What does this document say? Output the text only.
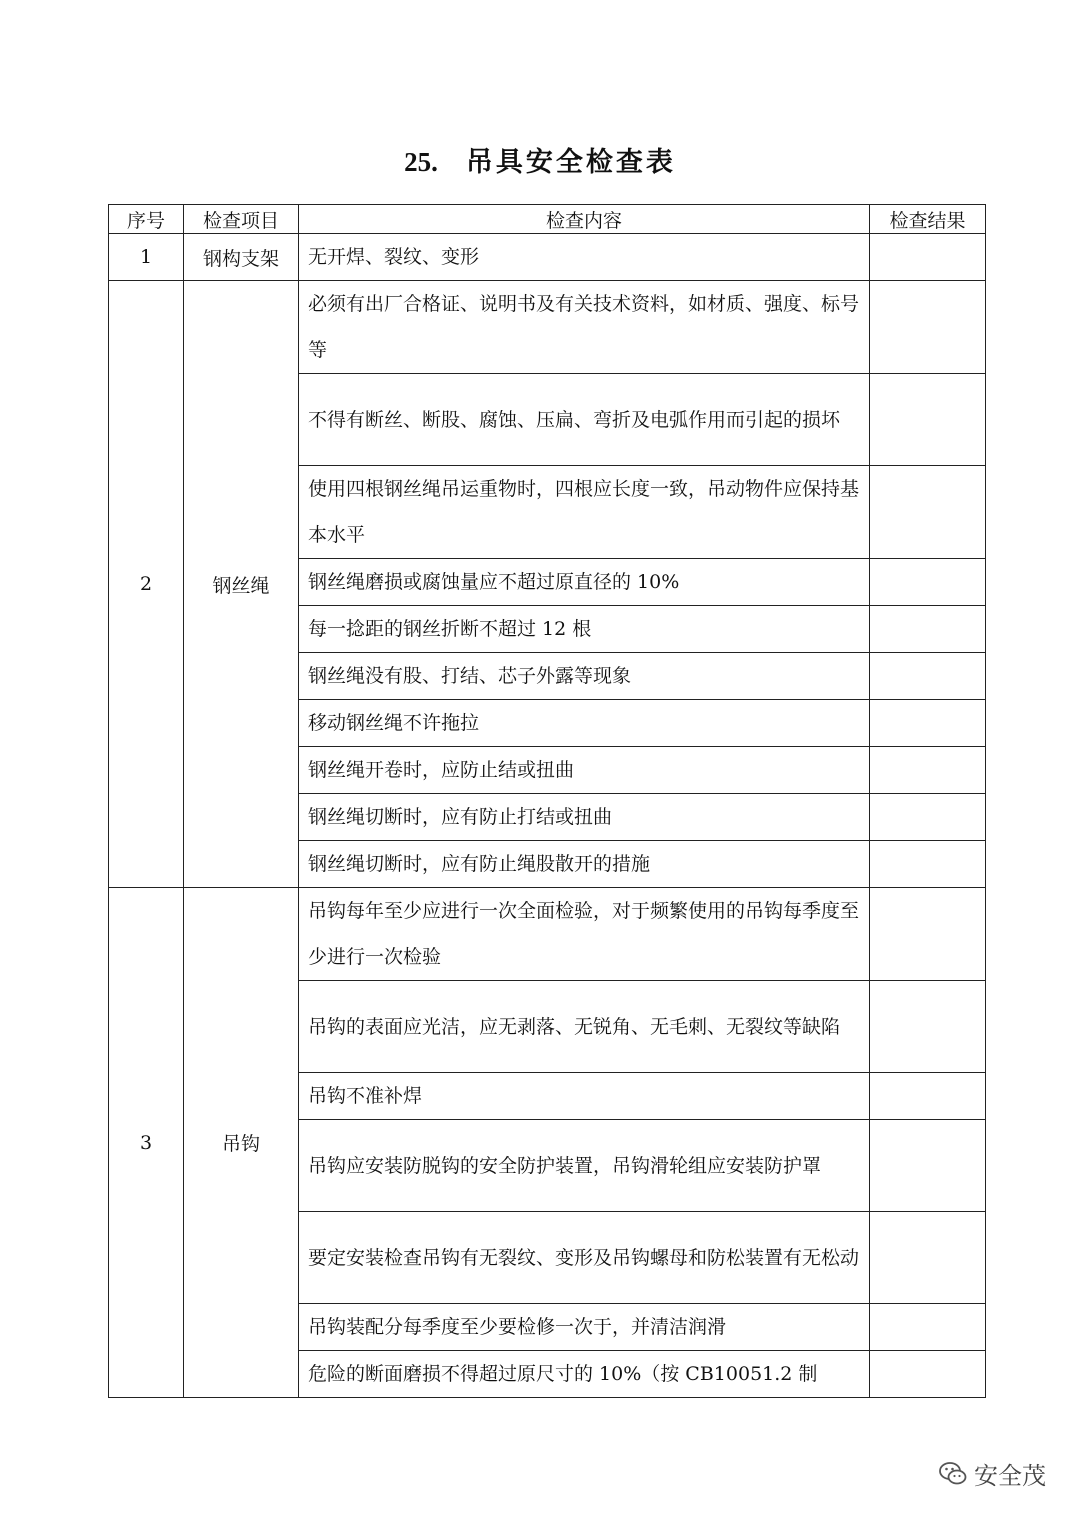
25. 吊具安全检查表
序号	检查项目	检查内容	检查结果
1	钢构支架	无开焊、裂纹、变形	
2	钢丝绳	必须有出厂合格证、说明书及有关技术资料，如材质、强度、标号等	
		不得有断丝、断股、腐蚀、压扁、弯折及电弧作用而引起的损坏	
		使用四根钢丝绳吊运重物时，四根应长度一致，吊动物件应保持基本水平	
		钢丝绳磨损或腐蚀量应不超过原直径的 10%	
		每一捻距的钢丝折断不超过 12 根	
		钢丝绳没有股、打结、芯子外露等现象	
		移动钢丝绳不许拖拉	
		钢丝绳开卷时，应防止结或扭曲	
		钢丝绳切断时，应有防止打结或扭曲	
		钢丝绳切断时，应有防止绳股散开的措施	
3	吊钩	吊钩每年至少应进行一次全面检验，对于频繁使用的吊钩每季度至少进行一次检验	
		吊钩的表面应光洁，应无剥落、无锐角、无毛刺、无裂纹等缺陷	
		吊钩不准补焊	
		吊钩应安装防脱钩的安全防护装置，吊钩滑轮组应安装防护罩	
		要定安装检查吊钩有无裂纹、变形及吊钩螺母和防松装置有无松动	
		吊钩装配分每季度至少要检修一次于，并清洁润滑	
		危险的断面磨损不得超过原尺寸的 10%（按 CB10051.2 制	
安全茂
